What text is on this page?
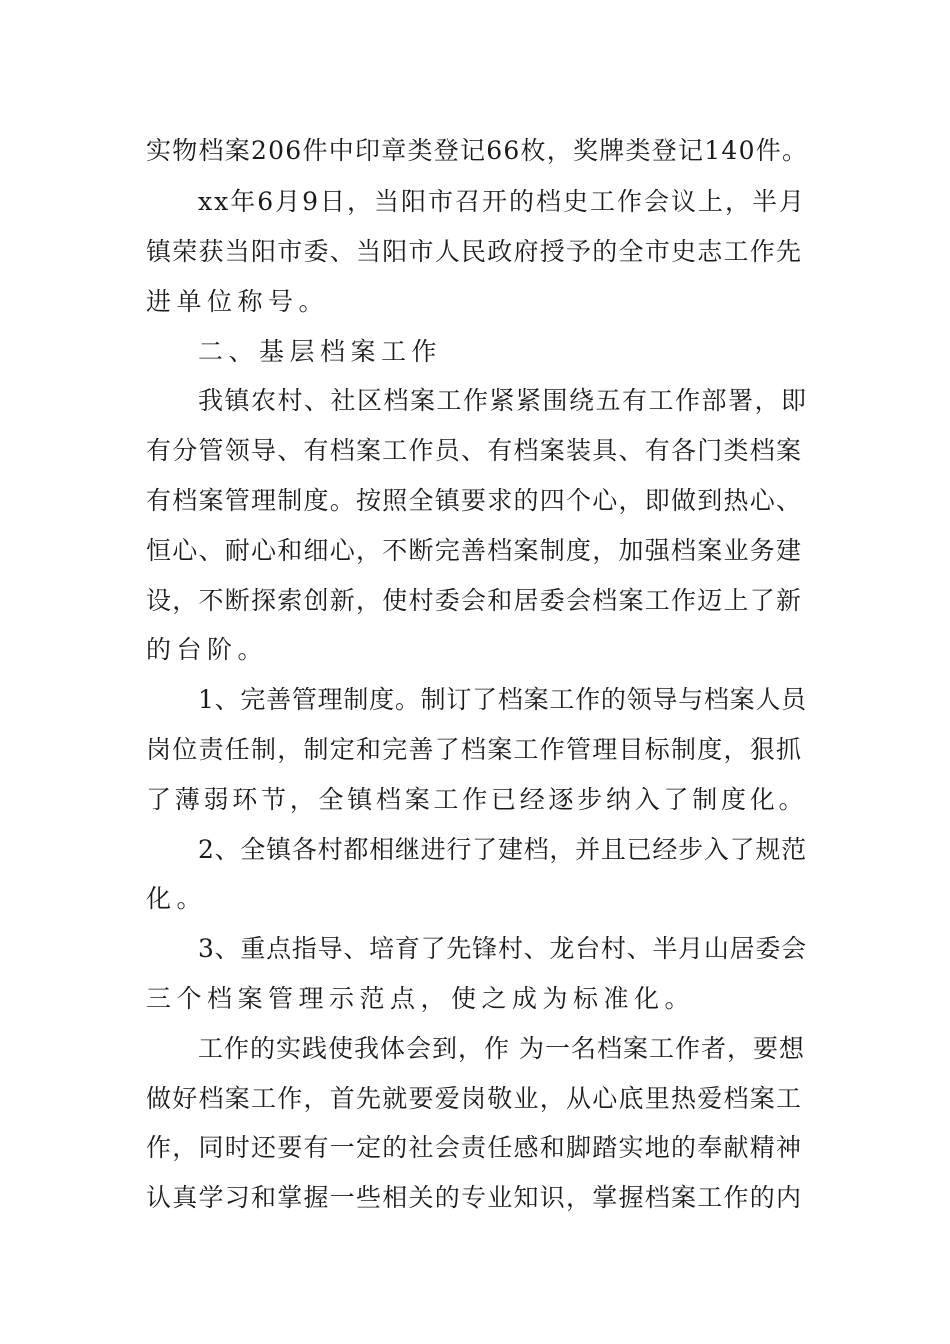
实物档案206件中印章类登记66枚，奖牌类登记140件。
xx年6月9日，当阳市召开的档史工作会议上，半月
镇荣获当阳市委、当阳市人民政府授予的全市史志工作先
进单位称号。
二、基层档案工作
我镇农村、社区档案工作紧紧围绕五有工作部署，即
有分管领导、有档案工作员、有档案装具、有各门类档案
有档案管理制度。按照全镇要求的四个心，即做到热心、
恒心、耐心和细心，不断完善档案制度，加强档案业务建
设，不断探索创新，使村委会和居委会档案工作迈上了新
的台阶。
1、完善管理制度。制订了档案工作的领导与档案人员
岗位责任制，制定和完善了档案工作管理目标制度，狠抓
了薄弱环节，全镇档案工作已经逐步纳入了制度化。
2、全镇各村都相继进行了建档，并且已经步入了规范
化。
3、重点指导、培育了先锋村、龙台村、半月山居委会
三个档案管理示范点，使之成为标准化。
工作的实践使我体会到，作 为一名档案工作者，要想
做好档案工作，首先就要爱岗敬业，从心底里热爱档案工
作，同时还要有一定的社会责任感和脚踏实地的奉献精神
认真学习和掌握一些相关的专业知识，掌握档案工作的内
